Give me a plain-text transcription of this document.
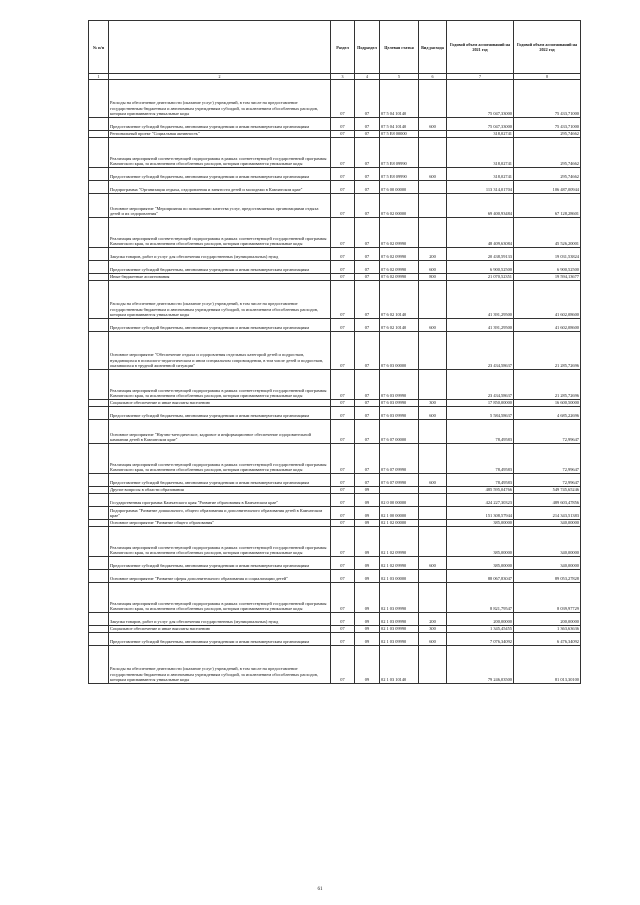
№ п/п		Раздел	Подраздел	Целевая статья	Вид расхода	Годовой объем ассигнований на 2021 год	Годовой объем ассигнований на 2022 год
1	2	3	4	5	6	7	8
	Расходы на обеспечение деятельности (оказание услуг) учреждений, в том числе на предоставление государственным бюджетным и автономным учреждениям субсидий, за исключением обособленных расходов, которым присваиваются уникальные коды	07	07	07 5 04 10140		75 047,33000	75 433,71000
	Предоставление субсидий бюджетным, автономным учреждениям и иным некоммерческим организациям	07	07	07 5 04 10140	600	75 047,33000	75 433,71000
	Региональный проект "Социальная активность"	07	07	07 5 E8 00000		318,02741	295,74662
	Реализация мероприятий соответствующей подпрограммы в рамках соответствующей государственной программы Камчатского края, за исключением обособленных расходов, которым присваиваются уникальные коды	07	07	07 5 E8 09990		318,02741	295,74662
	Предоставление субсидий бюджетным, автономным учреждениям и иным некоммерческим организациям	07	07	07 5 E8 09990	600	318,02741	295,74662
	Подпрограмма "Организация отдыха, оздоровления и занятости детей и молодежи в Камчатском крае"	07	07	07 6 00 00000		113 314,01704	106 487,00944
	Основное мероприятие "Мероприятия по повышению качества услуг, предоставляемых организациями отдыха детей и их оздоровления"	07	07	07 6 02 00000		69 400,93484	67 128,28601
	Реализация мероприятий соответствующей подпрограммы в рамках соответствующей государственной программы Камчатского края, за исключением обособленных расходов, которым присваиваются уникальные коды	07	07	07 6 02 09990		48 409,63084	45 526,20001
	Закупка товаров, работ и услуг для обеспечения государственных (муниципальных) нужд	07	07	07 6 02 09990	200	20 438,59133	19 031,53824
	Предоставление субсидий бюджетным, автономным учреждениям и иным некоммерческим организациям	07	07	07 6 02 09990	600	6 900,52500	6 900,52500
	Иные бюджетные ассигнования	07	07	07 6 02 09990	800	21 070,52351	19 594,13677
	Расходы на обеспечение деятельности (оказание услуг) учреждений, в том числе на предоставление государственным бюджетным и автономным учреждениям субсидий, за исключением обособленных расходов, которым присваиваются уникальные коды	07	07	07 6 02 10140		41 391,29500	41 602,08600
	Предоставление субсидий бюджетным, автономным учреждениям и иным некоммерческим организациям	07	07	07 6 02 10140	600	41 391,29500	41 602,08600
	Основное мероприятие "Обеспечение отдыха и оздоровления отдельных категорий детей и подростков, нуждающихся в психолого-педагогическом и ином специальном сопровождении, в том числе детей и подростков, оказавшихся в трудной жизненной ситуации"	07	07	07 6 03 00000		23 434,58637	21 285,72696
	Реализация мероприятий соответствующей подпрограммы в рамках соответствующей государственной программы Камчатского края, за исключением обособленных расходов, которым присваиваются уникальные коды	07	07	07 6 03 09990		23 434,58637	21 285,72696
	Социальное обеспечение и иные выплаты населению	07	07	07 6 03 09990	300	17 850,00000	16 600,50000
	Предоставление субсидий бюджетным, автономным учреждениям и иным некоммерческим организациям	07	07	07 6 03 09990	600	5 584,58637	4 685,22696
	Основное мероприятие "Научно-методическое, кадровое и информационное обеспечение оздоровительной кампании детей в Камчатском крае"	07	07	07 6 07 00000		78,49583	72,99647
	Реализация мероприятий соответствующей подпрограммы в рамках соответствующей государственной программы Камчатского края, за исключением обособленных расходов, которым присваиваются уникальные коды	07	07	07 6 07 09990		78,49583	72,99647
	Предоставление субсидий бюджетным, автономным учреждениям и иным некоммерческим организациям	07	07	07 6 07 09990	600	78,49583	72,99647
	Другие вопросы в области образования	07	09			485 595,04766	549 745,65246
	Государственная программа Камчатского края "Развитие образования в Камчатском крае"	07	09	02 0 00 00000		424 227,30323	489 603,47856
	Подпрограмма "Развитие дошкольного, общего образования и дополнительного образования детей в Камчатском крае"	07	09	02 1 00 00000		151 308,57944	214 343,51383
	Основное мероприятие "Развитие общего образования"	07	09	02 1 02 00000		385,00000	340,00000
	Реализация мероприятий соответствующей подпрограммы в рамках соответствующей государственной программы Камчатского края, за исключением обособленных расходов, которым присваиваются уникальные коды	07	09	02 1 02 09990		385,00000	340,00000
	Предоставление субсидий бюджетным, автономным учреждениям и иным некоммерческим организациям	07	09	02 1 02 09990	600	385,00000	340,00000
	Основное мероприятие "Развитие сферы дополнительного образования и социализации детей"	07	09	02 1 03 00000		88 067,83047	89 053,27828
	Реализация мероприятий соответствующей подпрограммы в рамках соответствующей государственной программы Камчатского края, за исключением обособленных расходов, которым присваиваются уникальные коды	07	09	02 1 03 09990		8 821,79547	8 039,97729
	Закупка товаров, работ и услуг для обеспечения государственных (муниципальных) нужд	07	09	02 1 03 09990	200	200,00000	200,00000
	Социальное обеспечение и иные выплаты населению	07	09	02 1 03 09990	300	1 345,45455	1 363,63636
	Предоставление субсидий бюджетным, автономным учреждениям и иным некоммерческим организациям	07	09	02 1 03 09990	600	7 076,34092	6 476,34092
	Расходы на обеспечение деятельности (оказание услуг) учреждений, в том числе на предоставление государственным бюджетным и автономным учреждениям субсидий, за исключением обособленных расходов, которым присваиваются уникальные коды	07	09	02 1 03 10140		79 246,03500	81 013,30100
61
